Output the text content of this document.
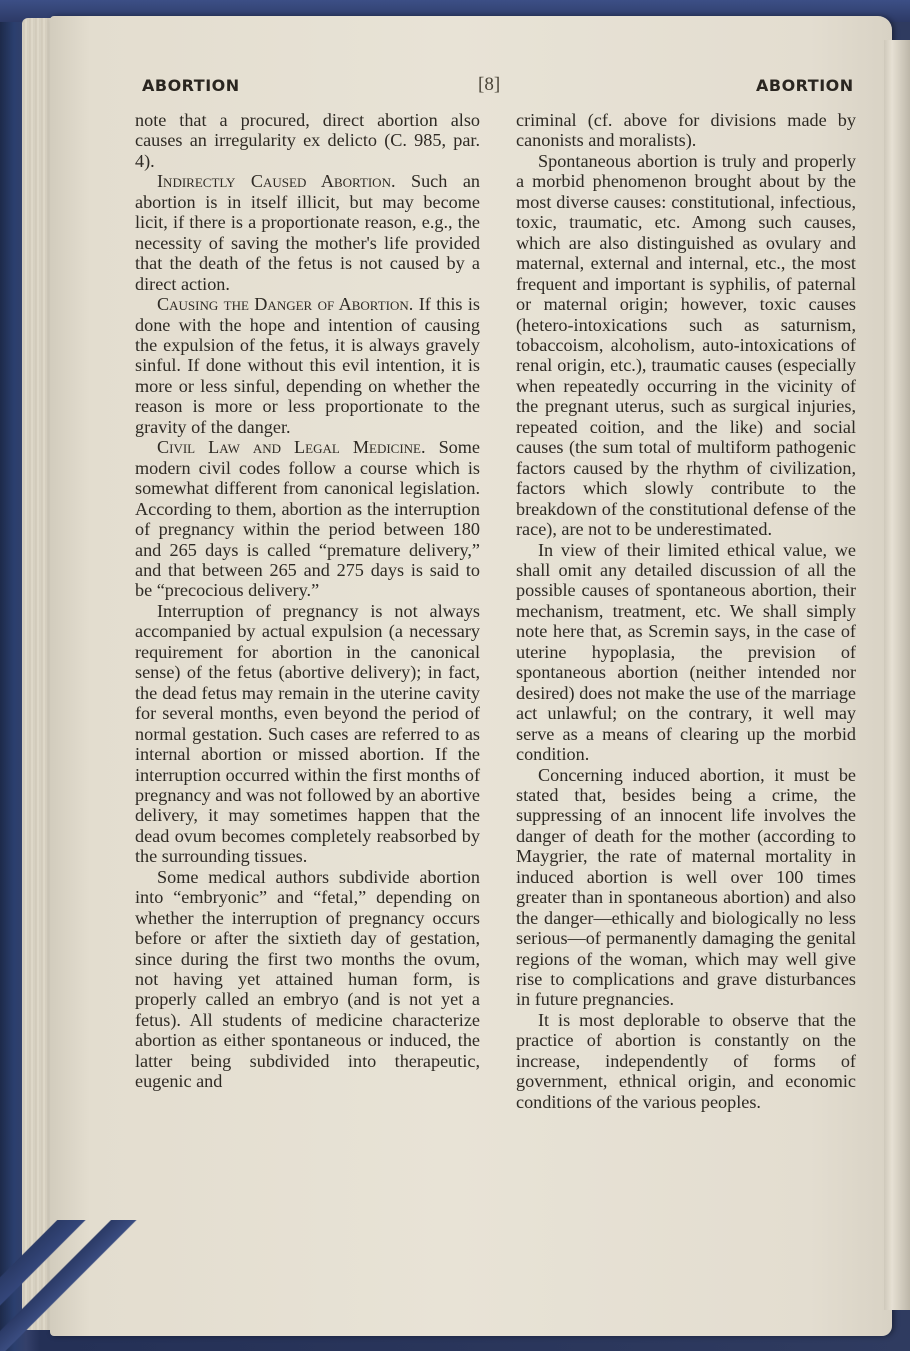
ABORTION	[8]	ABORTION

note that a procured, direct abortion also causes an irregularity ex delicto (C. 985, par. 4).

Indirectly Caused Abortion. Such an abortion is in itself illicit, but may become licit, if there is a proportionate reason, e.g., the necessity of saving the mother's life provided that the death of the fetus is not caused by a direct action.

Causing the Danger of Abortion. If this is done with the hope and intention of causing the expulsion of the fetus, it is always gravely sinful. If done without this evil intention, it is more or less sinful, depending on whether the reason is more or less proportionate to the gravity of the danger.

Civil Law and Legal Medicine. Some modern civil codes follow a course which is somewhat different from canonical legislation. According to them, abortion as the interruption of pregnancy within the period between 180 and 265 days is called “premature delivery,” and that between 265 and 275 days is said to be “precocious delivery.”

Interruption of pregnancy is not always accompanied by actual expulsion (a necessary requirement for abortion in the canonical sense) of the fetus (abortive delivery); in fact, the dead fetus may remain in the uterine cavity for several months, even beyond the period of normal gestation. Such cases are referred to as internal abortion or missed abortion. If the interruption occurred within the first months of pregnancy and was not followed by an abortive delivery, it may sometimes happen that the dead ovum becomes completely reabsorbed by the surrounding tissues.

Some medical authors subdivide abortion into “embryonic” and “fetal,” depending on whether the interruption of pregnancy occurs before or after the sixtieth day of gestation, since during the first two months the ovum, not having yet attained human form, is properly called an embryo (and is not yet a fetus). All students of medicine characterize abortion as either spontaneous or induced, the latter being subdivided into therapeutic, eugenic and

criminal (cf. above for divisions made by canonists and moralists).

Spontaneous abortion is truly and properly a morbid phenomenon brought about by the most diverse causes: constitutional, infectious, toxic, traumatic, etc. Among such causes, which are also distinguished as ovulary and maternal, external and internal, etc., the most frequent and important is syphilis, of paternal or maternal origin; however, toxic causes (hetero-intoxications such as saturnism, tobaccoism, alcoholism, auto-intoxications of renal origin, etc.), traumatic causes (especially when repeatedly occurring in the vicinity of the pregnant uterus, such as surgical injuries, repeated coition, and the like) and social causes (the sum total of multiform pathogenic factors caused by the rhythm of civilization, factors which slowly contribute to the breakdown of the constitutional defense of the race), are not to be underestimated.

In view of their limited ethical value, we shall omit any detailed discussion of all the possible causes of spontaneous abortion, their mechanism, treatment, etc. We shall simply note here that, as Scremin says, in the case of uterine hypoplasia, the prevision of spontaneous abortion (neither intended nor desired) does not make the use of the marriage act unlawful; on the contrary, it well may serve as a means of clearing up the morbid condition.

Concerning induced abortion, it must be stated that, besides being a crime, the suppressing of an innocent life involves the danger of death for the mother (according to Maygrier, the rate of maternal mortality in induced abortion is well over 100 times greater than in spontaneous abortion) and also the danger—ethically and biologically no less serious—of permanently damaging the genital regions of the woman, which may well give rise to complications and grave disturbances in future pregnancies.

It is most deplorable to observe that the practice of abortion is constantly on the increase, independently of forms of government, ethnical origin, and economic conditions of the various peoples.
